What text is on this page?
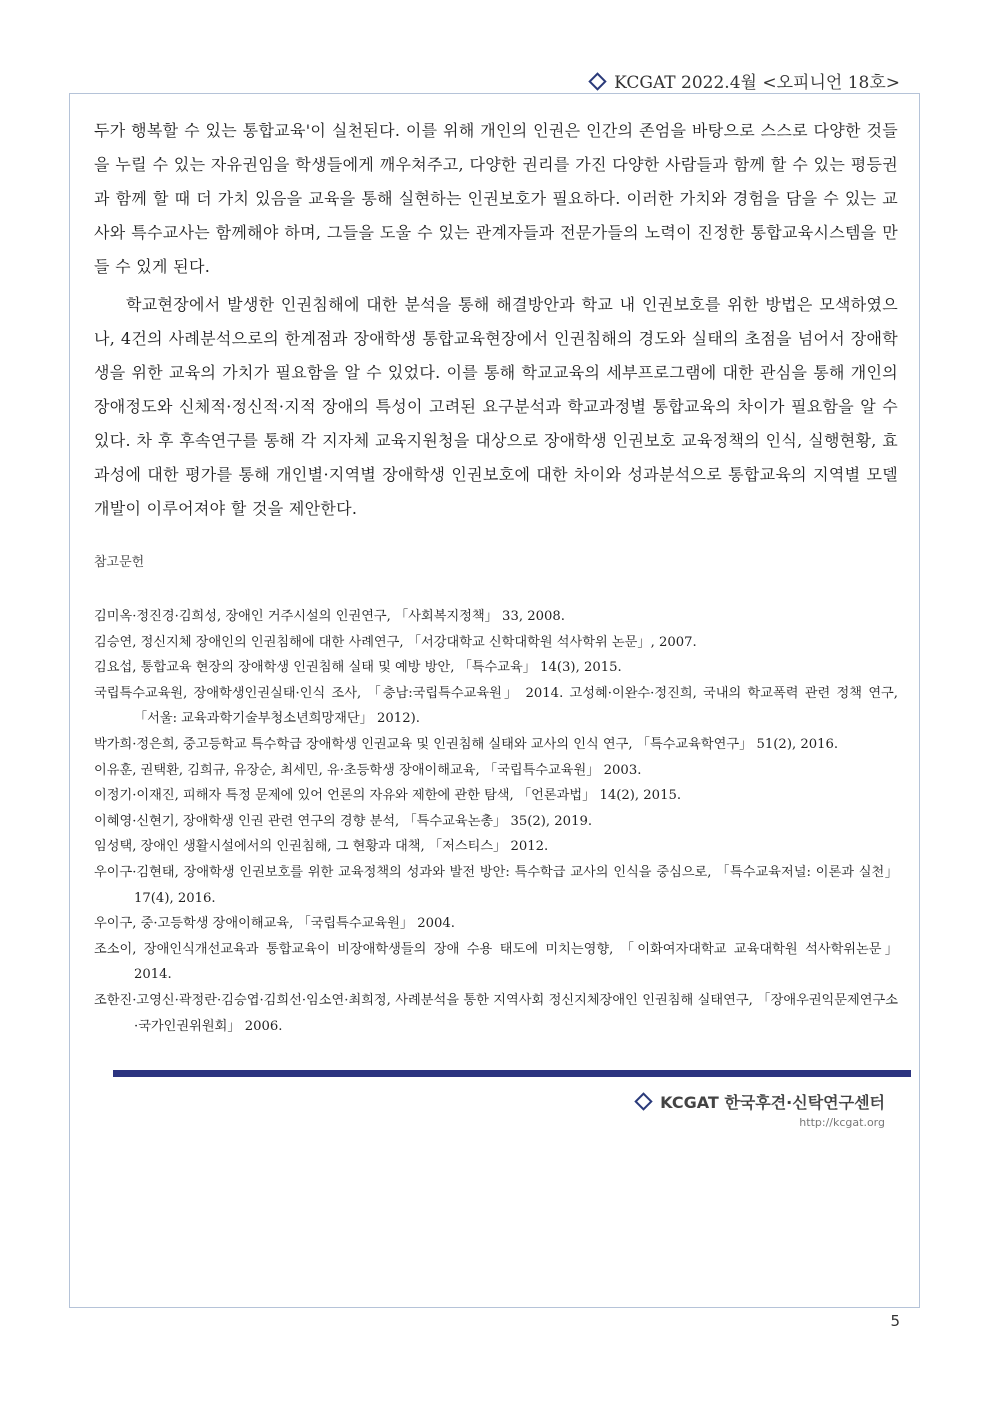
KCGAT 2022.4월 <오피니언 18호>

두가 행복할 수 있는 통합교육'이 실천된다. 이를 위해 개인의 인권은 인간의 존엄을 바탕으로 스스로 다양한 것들을 누릴 수 있는 자유권임을 학생들에게 깨우쳐주고, 다양한 권리를 가진 다양한 사람들과 함께 할 수 있는 평등권과 함께 할 때 더 가치 있음을 교육을 통해 실현하는 인권보호가 필요하다. 이러한 가치와 경험을 담을 수 있는 교사와 특수교사는 함께해야 하며, 그들을 도울 수 있는 관계자들과 전문가들의 노력이 진정한 통합교육시스템을 만들 수 있게 된다.

학교현장에서 발생한 인권침해에 대한 분석을 통해 해결방안과 학교 내 인권보호를 위한 방법은 모색하였으나, 4건의 사례분석으로의 한계점과 장애학생 통합교육현장에서 인권침해의 경도와 실태의 초점을 넘어서 장애학생을 위한 교육의 가치가 필요함을 알 수 있었다. 이를 통해 학교교육의 세부프로그램에 대한 관심을 통해 개인의 장애정도와 신체적·정신적·지적 장애의 특성이 고려된 요구분석과 학교과정별 통합교육의 차이가 필요함을 알 수 있다. 차 후 후속연구를 통해 각 지자체 교육지원청을 대상으로 장애학생 인권보호 교육정책의 인식, 실행현황, 효과성에 대한 평가를 통해 개인별·지역별 장애학생 인권보호에 대한 차이와 성과분석으로 통합교육의 지역별 모델개발이 이루어져야 할 것을 제안한다.

참고문헌
김미옥·정진경·김희성, 장애인 거주시설의 인권연구, 「사회복지정책」 33, 2008.
김승연, 정신지체 장애인의 인권침해에 대한 사례연구, 「서강대학교 신학대학원 석사학위 논문」, 2007.
김요섭, 통합교육 현장의 장애학생 인권침해 실태 및 예방 방안, 「특수교육」 14(3), 2015.
국립특수교육원, 장애학생인권실태·인식 조사, 「충남:국립특수교육원」 2014. 고성혜·이완수·정진희, 국내의 학교폭력 관련 정책 연구, 「서울: 교육과학기술부청소년희망재단」 2012).
박가희·정은희, 중고등학교 특수학급 장애학생 인권교육 및 인권침해 실태와 교사의 인식 연구, 「특수교육학연구」 51(2), 2016.
이유훈, 권택환, 김희규, 유장순, 최세민, 유·초등학생 장애이해교육, 「국립특수교육원」 2003.
이정기·이재진, 피해자 특정 문제에 있어 언론의 자유와 제한에 관한 탐색, 「언론과법」 14(2), 2015.
이혜영·신현기, 장애학생 인권 관련 연구의 경향 분석, 「특수교육논총」 35(2), 2019.
임성택, 장애인 생활시설에서의 인권침해, 그 현황과 대책, 「저스티스」 2012.
우이구·김현태, 장애학생 인권보호를 위한 교육정책의 성과와 발전 방안: 특수학급 교사의 인식을 중심으로, 「특수교육저널: 이론과 실천」 17(4), 2016.
우이구, 중·고등학생 장애이해교육, 「국립특수교육원」 2004.
조소이, 장애인식개선교육과 통합교육이 비장애학생들의 장애 수용 태도에 미치는영향, 「이화여자대학교 교육대학원 석사학위논문」 2014.
조한진·고영신·곽정란·김승엽·김희선·임소연·최희정, 사례분석을 통한 지역사회 정신지체장애인 인권침해 실태연구, 「장애우권익문제연구소·국가인권위원회」 2006.
KCGAT 한국후견·신탁연구센터
http://kcgat.org
5
